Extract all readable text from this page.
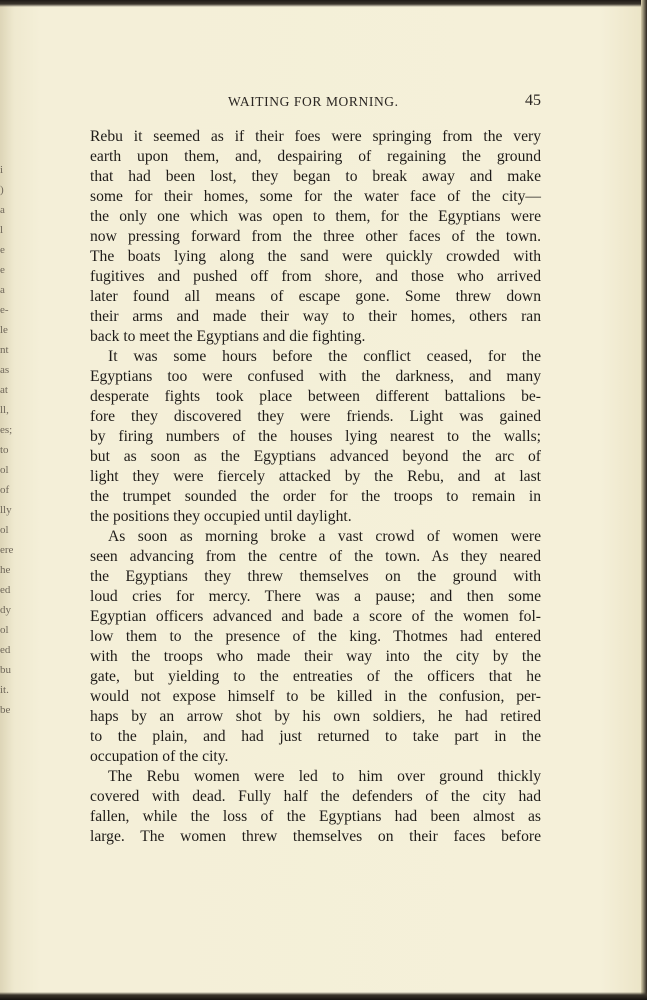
i
)
a
l
e
e
a
e-
le
nt
as
at
ll,
es;
to
ol
of
lly
ol
ere
he
ed
dy
ol
ed
bu
it.
be
WAITING FOR MORNING.	45
Rebu it seemed as if their foes were springing from the very
earth upon them, and, despairing of regaining the ground
that had been lost, they began to break away and make
some for their homes, some for the water face of the city—
the only one which was open to them, for the Egyptians were
now pressing forward from the three other faces of the town.
The boats lying along the sand were quickly crowded with
fugitives and pushed off from shore, and those who arrived
later found all means of escape gone. Some threw down
their arms and made their way to their homes, others ran
back to meet the Egyptians and die fighting.
It was some hours before the conflict ceased, for the
Egyptians too were confused with the darkness, and many
desperate fights took place between different battalions be-
fore they discovered they were friends. Light was gained
by firing numbers of the houses lying nearest to the walls;
but as soon as the Egyptians advanced beyond the arc of
light they were fiercely attacked by the Rebu, and at last
the trumpet sounded the order for the troops to remain in
the positions they occupied until daylight.
As soon as morning broke a vast crowd of women were
seen advancing from the centre of the town. As they neared
the Egyptians they threw themselves on the ground with
loud cries for mercy. There was a pause; and then some
Egyptian officers advanced and bade a score of the women fol-
low them to the presence of the king. Thotmes had entered
with the troops who made their way into the city by the
gate, but yielding to the entreaties of the officers that he
would not expose himself to be killed in the confusion, per-
haps by an arrow shot by his own soldiers, he had retired
to the plain, and had just returned to take part in the
occupation of the city.
The Rebu women were led to him over ground thickly
covered with dead. Fully half the defenders of the city had
fallen, while the loss of the Egyptians had been almost as
large. The women threw themselves on their faces before
